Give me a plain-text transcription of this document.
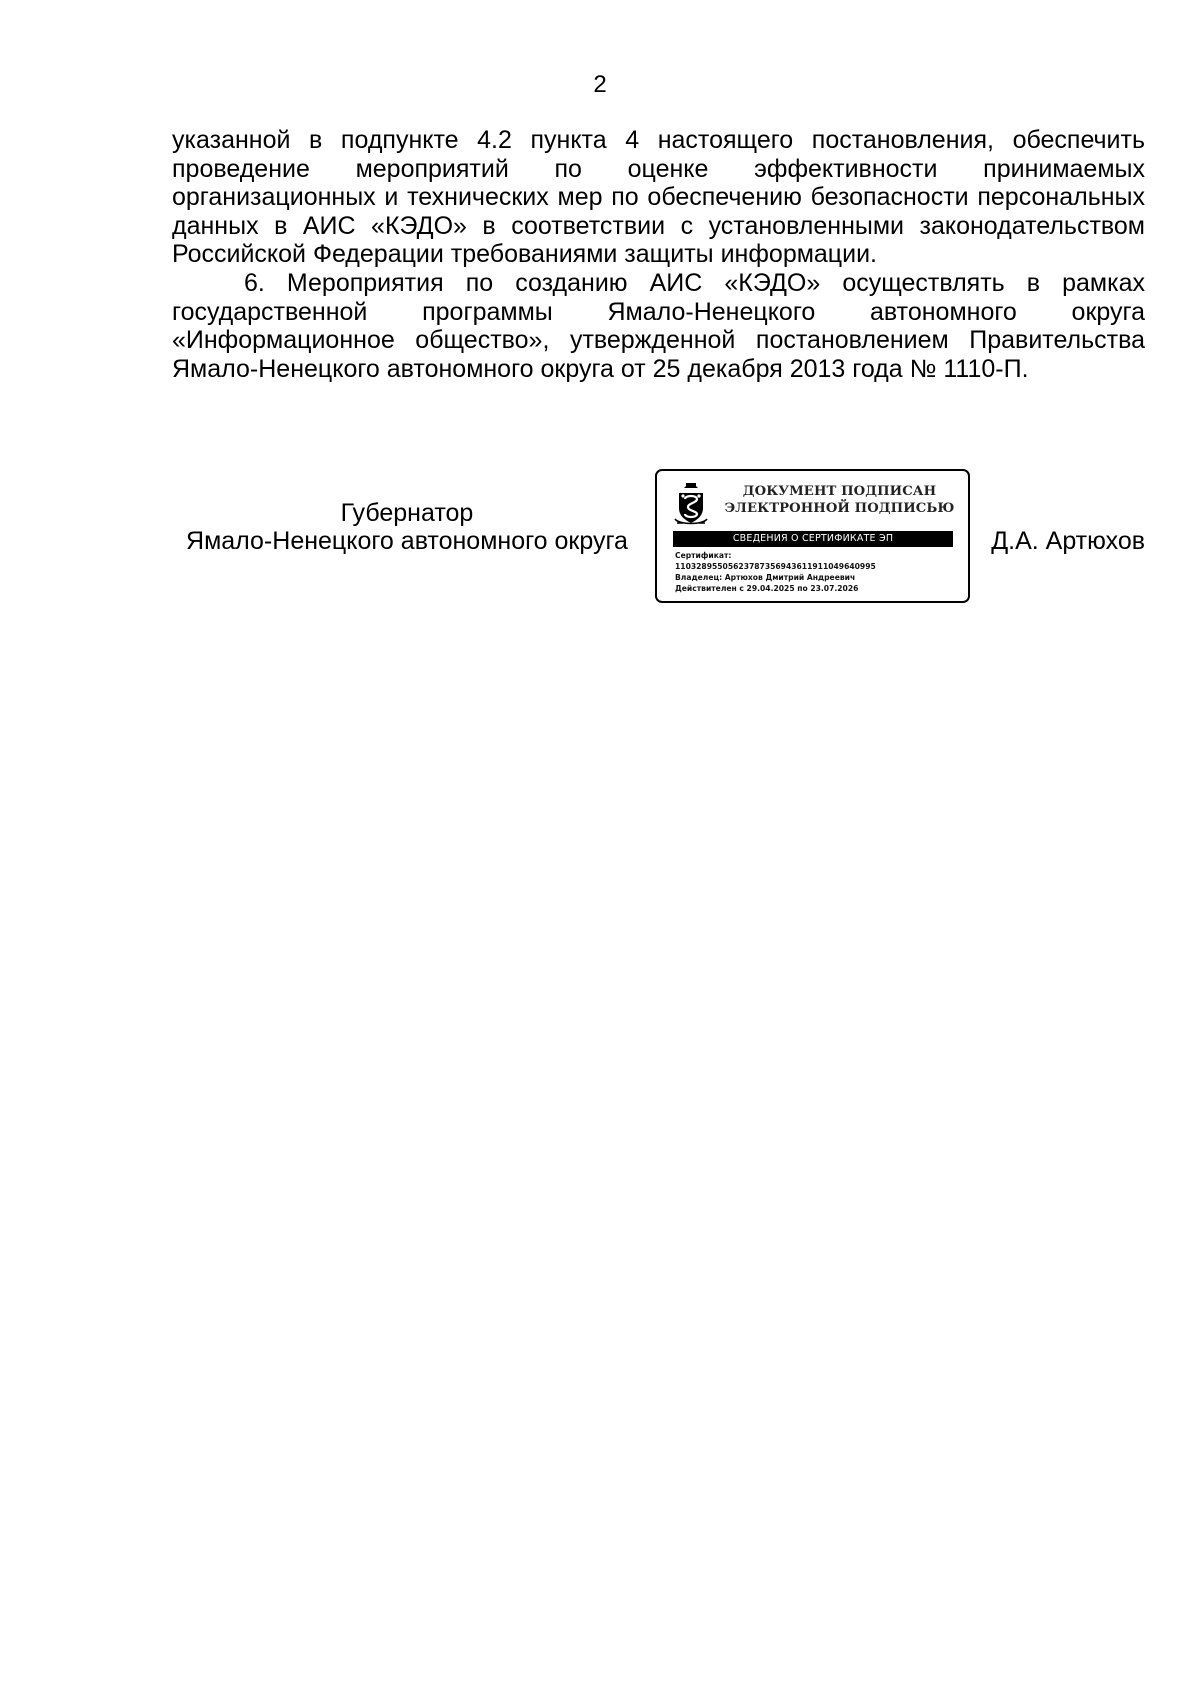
2

указанной в подпункте 4.2 пункта 4 настоящего постановления, обеспечить проведение мероприятий по оценке эффективности принимаемых организационных и технических мер по обеспечению безопасности персональных данных в АИС «КЭДО» в соответствии с установленными законодательством Российской Федерации требованиями защиты информации.

6. Мероприятия по созданию АИС «КЭДО» осуществлять в рамках государственной программы Ямало-Ненецкого автономного округа «Информационное общество», утвержденной постановлением Правительства Ямало-Ненецкого автономного округа от 25 декабря 2013 года № 1110-П.

Губернатор
Ямало-Ненецкого автономного округа
ДОКУМЕНТ ПОДПИСАН
ЭЛЕКТРОННОЙ ПОДПИСЬЮ
СВЕДЕНИЯ О СЕРТИФИКАТЕ ЭП
Сертификат:
11032895505623787356943611911049640995
Владелец: Артюхов Дмитрий Андреевич
Действителен с 29.04.2025 по 23.07.2026
Д.А. Артюхов
